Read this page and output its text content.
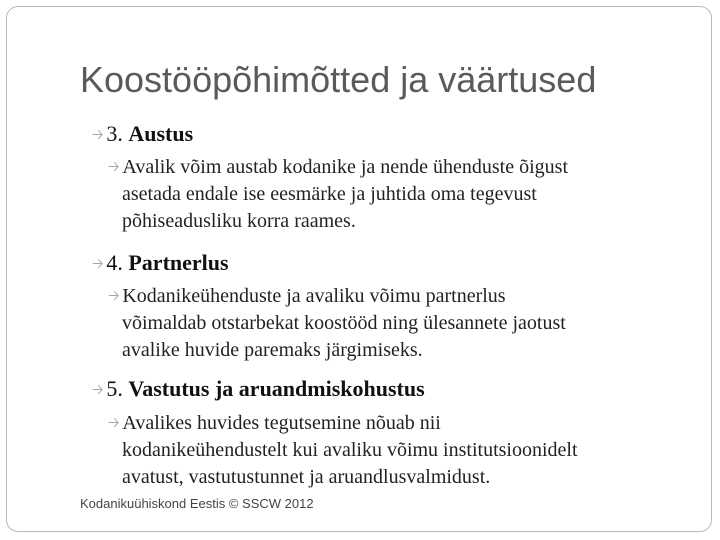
Koostööpõhimõtted ja väärtused
🡢 3. Austus
🡢 Avalik võim austab kodanike ja nende ühenduste õigust
asetada endale ise eesmärke ja juhtida oma tegevust
põhiseadusliku korra raames.
🡢 4. Partnerlus
🡢 Kodanikeühenduste ja avaliku võimu partnerlus
võimaldab otstarbekat koostööd ning ülesannete jaotust
avalike huvide paremaks järgimiseks.
🡢 5. Vastutus ja aruandmiskohustus
🡢 Avalikes huvides tegutsemine nõuab nii
kodanikeühendustelt kui avaliku võimu institutsioonidelt
avatust, vastutustunnet ja aruandlusvalmidust.
Kodanikuühiskond Eestis © SSCW 2012
